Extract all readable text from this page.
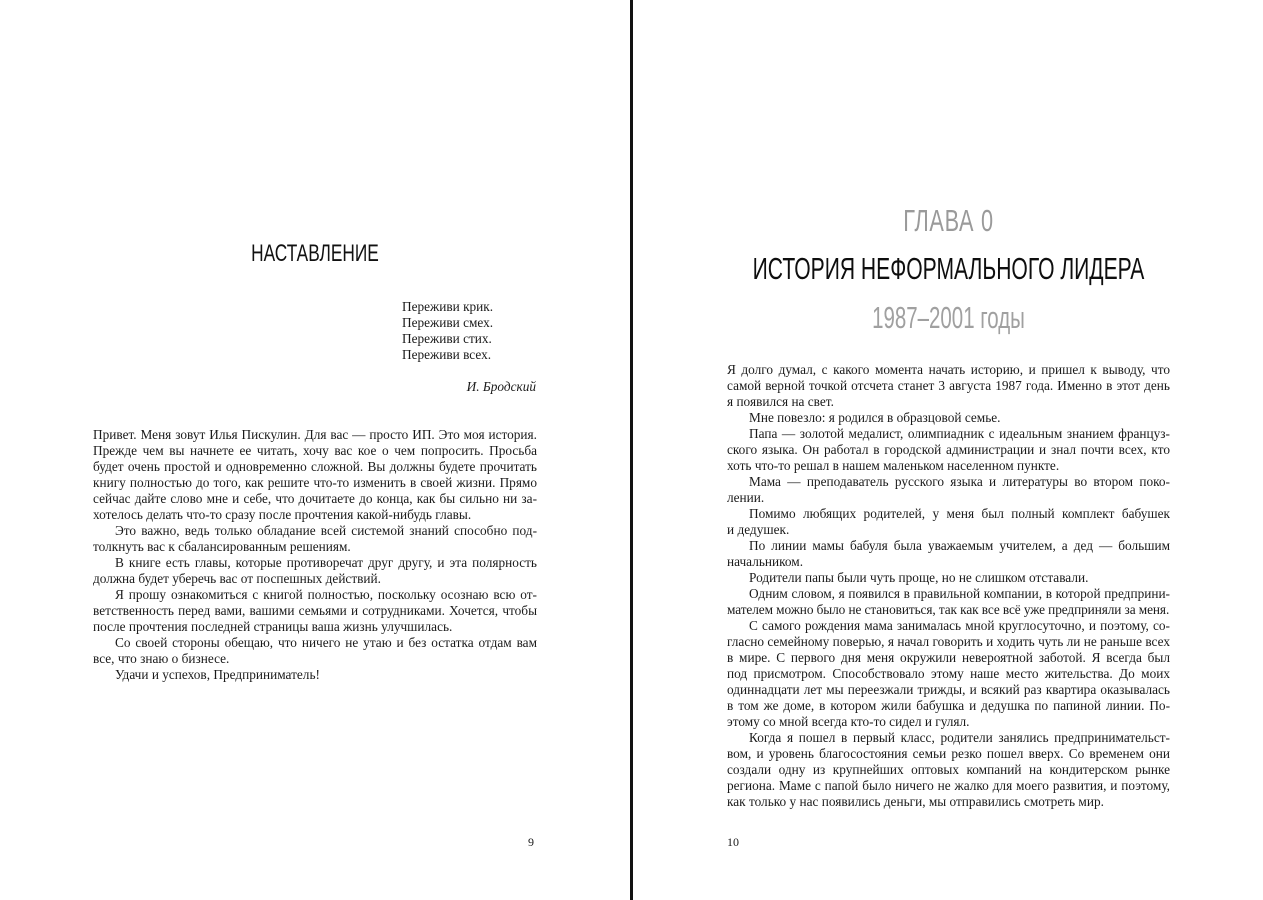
НАСТАВЛЕНИЕ
Переживи крик.
Переживи смех.
Переживи стих.
Переживи всех.
И. Бродский
Привет. Меня зовут Илья Пискулин. Для вас — просто ИП. Это моя история.
Прежде чем вы начнете ее читать, хочу вас кое о чем попросить. Просьба
будет очень простой и одновременно сложной. Вы должны будете прочитать
книгу полностью до того, как решите что-то изменить в своей жизни. Прямо
сейчас дайте слово мне и себе, что дочитаете до конца, как бы сильно ни за-
хотелось делать что-то сразу после прочтения какой-нибудь главы.
Это важно, ведь только обладание всей системой знаний способно под-
толкнуть вас к сбалансированным решениям.
В книге есть главы, которые противоречат друг другу, и эта полярность
должна будет уберечь вас от поспешных действий.
Я прошу ознакомиться с книгой полностью, поскольку осознаю всю от-
ветственность перед вами, вашими семьями и сотрудниками. Хочется, чтобы
после прочтения последней страницы ваша жизнь улучшилась.
Со своей стороны обещаю, что ничего не утаю и без остатка отдам вам
все, что знаю о бизнесе.
Удачи и успехов, Предприниматель!
9
ГЛАВА 0
ИСТОРИЯ НЕФОРМАЛЬНОГО ЛИДЕРА
1987–2001 годы
Я долго думал, с какого момента начать историю, и пришел к выводу, что
самой верной точкой отсчета станет 3 августа 1987 года. Именно в этот день
я появился на свет.
Мне повезло: я родился в образцовой семье.
Папа — золотой медалист, олимпиадник с идеальным знанием француз-
ского языка. Он работал в городской администрации и знал почти всех, кто
хоть что-то решал в нашем маленьком населенном пункте.
Мама — преподаватель русского языка и литературы во втором поко-
лении.
Помимо любящих родителей, у меня был полный комплект бабушек
и дедушек.
По линии мамы бабуля была уважаемым учителем, а дед — большим
начальником.
Родители папы были чуть проще, но не слишком отставали.
Одним словом, я появился в правильной компании, в которой предприни-
мателем можно было не становиться, так как все всё уже предприняли за меня.
С самого рождения мама занималась мной круглосуточно, и поэтому, со-
гласно семейному поверью, я начал говорить и ходить чуть ли не раньше всех
в мире. С первого дня меня окружили невероятной заботой. Я всегда был
под присмотром. Способствовало этому наше место жительства. До моих
одиннадцати лет мы переезжали трижды, и всякий раз квартира оказывалась
в том же доме, в котором жили бабушка и дедушка по папиной линии. По-
этому со мной всегда кто-то сидел и гулял.
Когда я пошел в первый класс, родители занялись предпринимательст-
вом, и уровень благосостояния семьи резко пошел вверх. Со временем они
создали одну из крупнейших оптовых компаний на кондитерском рынке
региона. Маме с папой было ничего не жалко для моего развития, и поэтому,
как только у нас появились деньги, мы отправились смотреть мир.
10
